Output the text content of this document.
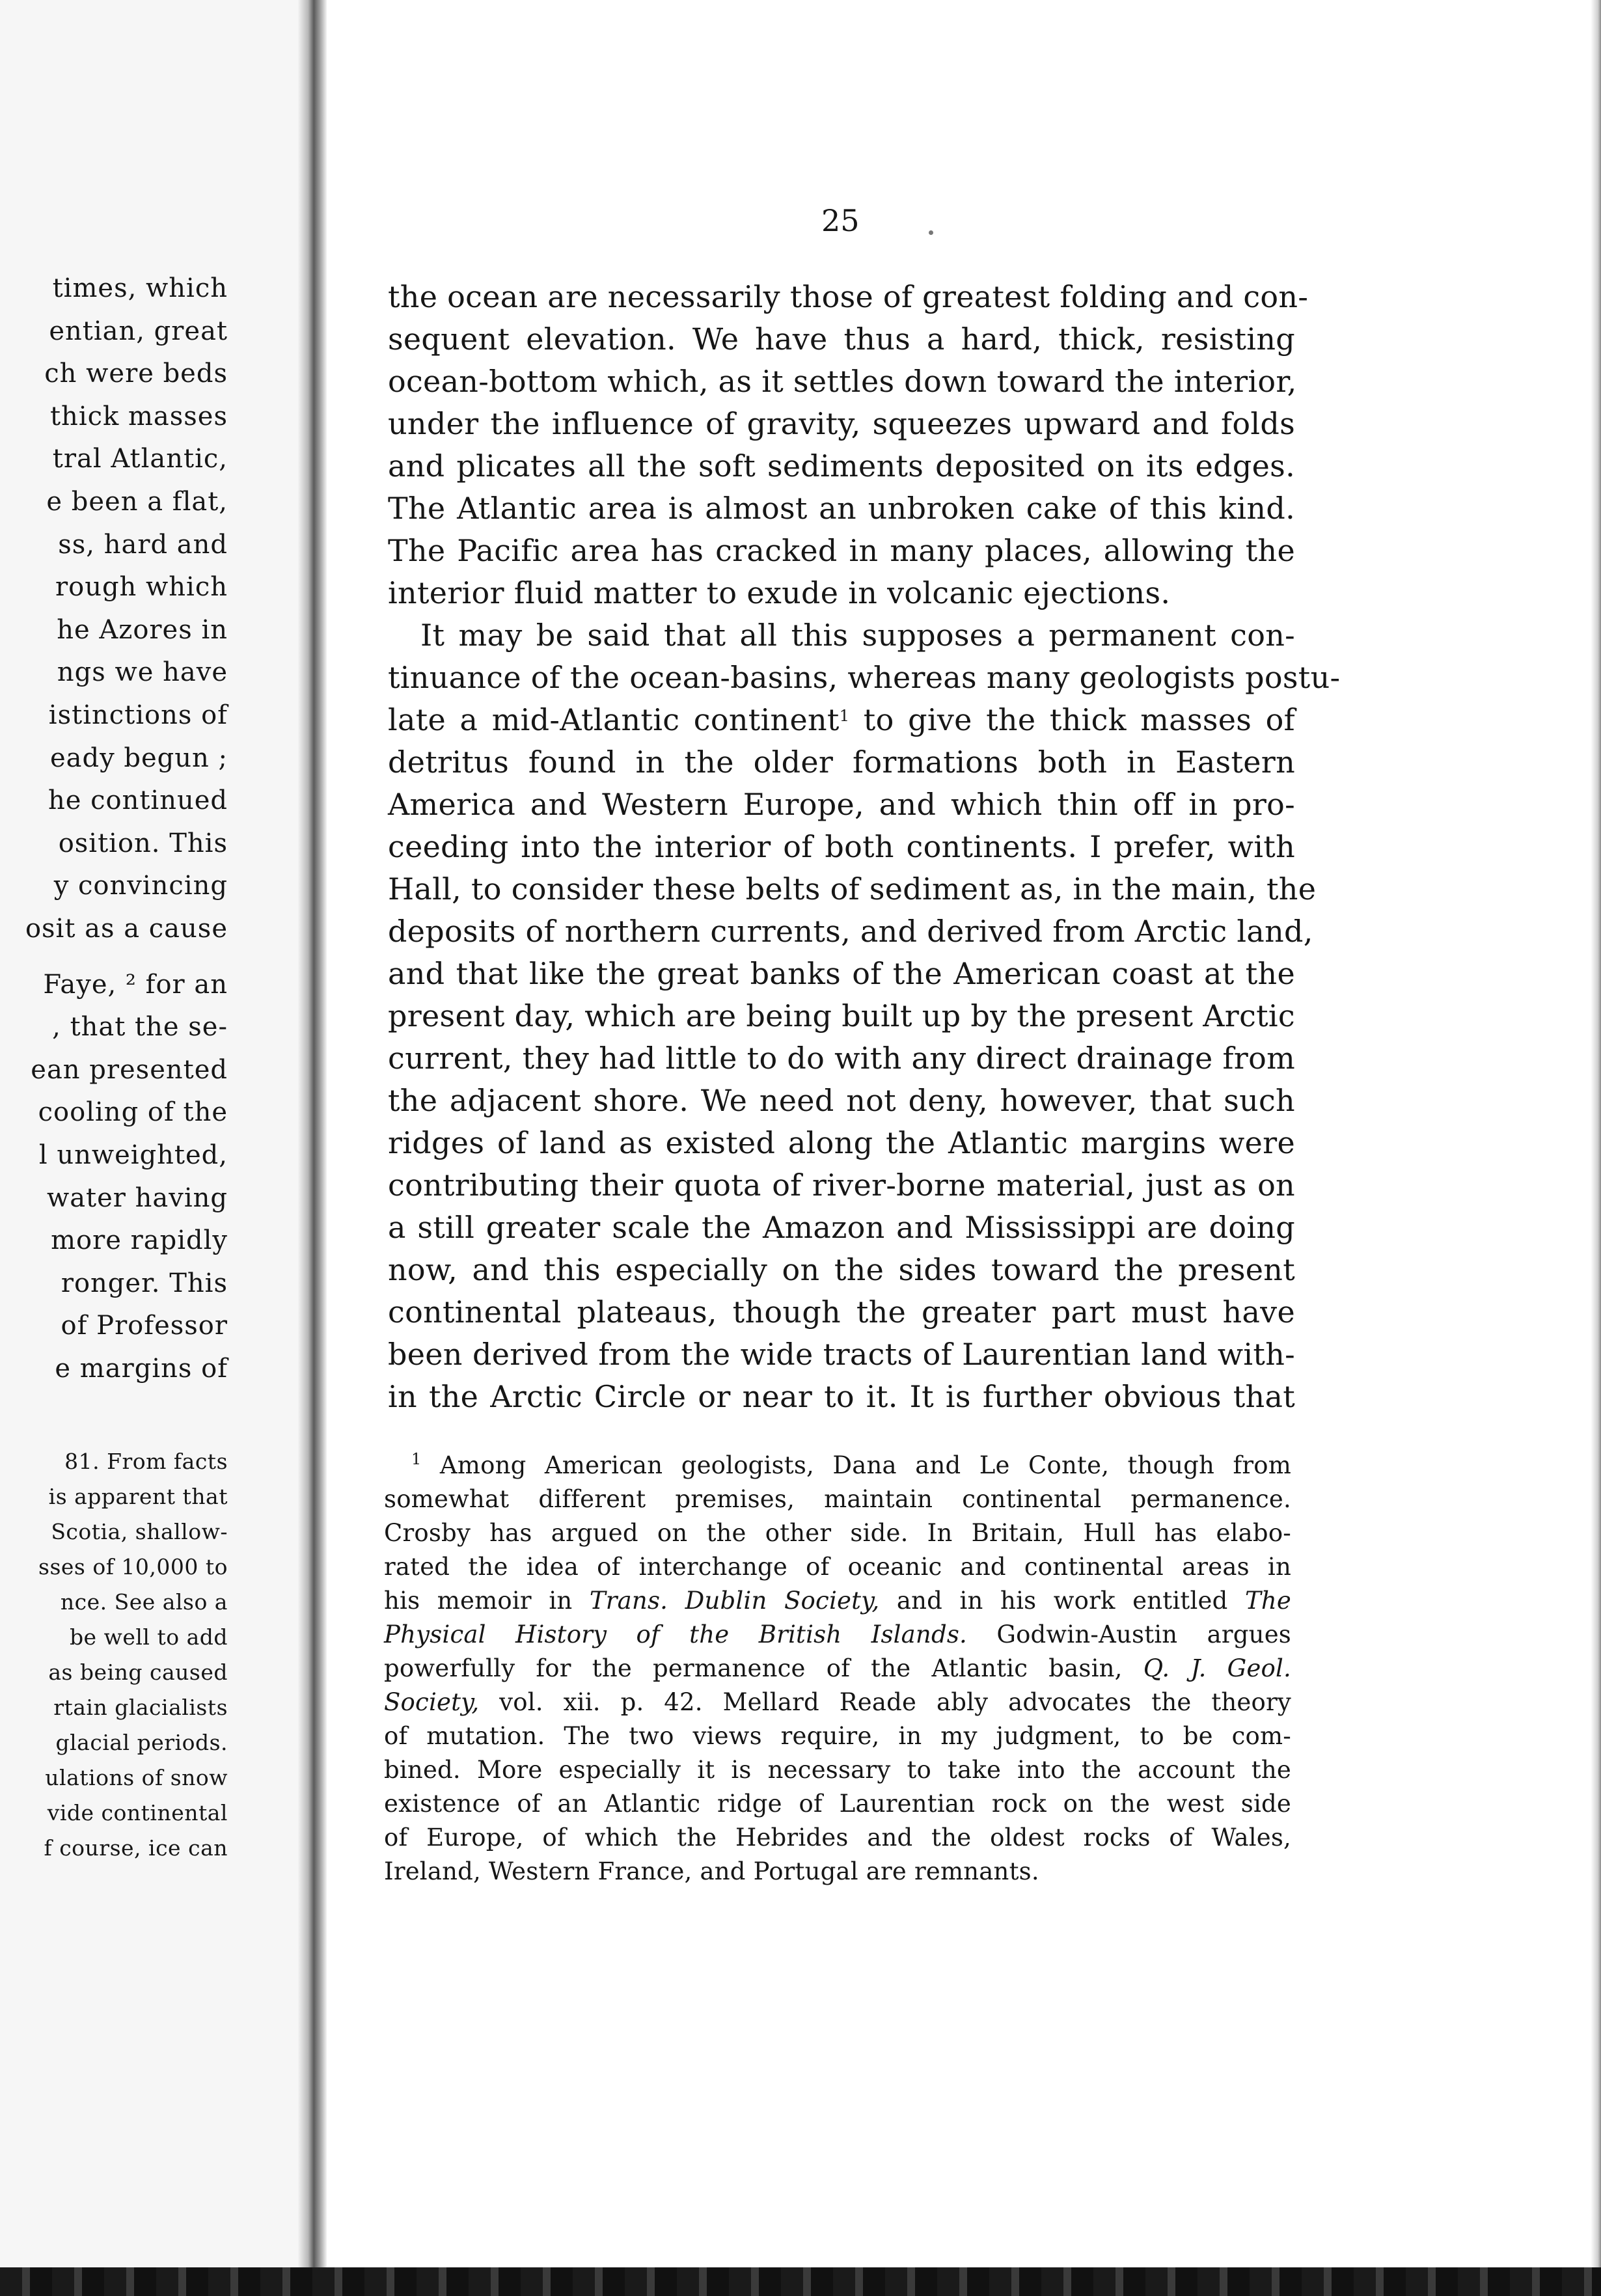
times, which
entian, great
ch were beds
thick masses
tral Atlantic,
e been a flat,
ss, hard and
rough which
he Azores in
ngs we have
istinctions of
eady begun ;
he continued
osition. This
y convincing
osit as a cause
Faye, ² for an
, that the se-
ean presented
cooling of the
l unweighted,
water having
more rapidly
ronger. This
of Professor
e margins of
81. From facts
is apparent that
Scotia, shallow-
sses of 10,000 to
nce. See also a
be well to add
as being caused
rtain glacialists
glacial periods.
ulations of snow
vide continental
f course, ice can
25
the ocean are necessarily those of greatest folding and con-
sequent elevation. We have thus a hard, thick, resisting
ocean-bottom which, as it settles down toward the interior,
under the influence of gravity, squeezes upward and folds
and plicates all the soft sediments deposited on its edges.
The Atlantic area is almost an unbroken cake of this kind.
The Pacific area has cracked in many places, allowing the
interior fluid matter to exude in volcanic ejections.
It may be said that all this supposes a permanent con-
tinuance of the ocean-basins, whereas many geologists postu-
late a mid-Atlantic continent$^1$ to give the thick masses of
detritus found in the older formations both in Eastern
America and Western Europe, and which thin off in pro-
ceeding into the interior of both continents. I prefer, with
Hall, to consider these belts of sediment as, in the main, the
deposits of northern currents, and derived from Arctic land,
and that like the great banks of the American coast at the
present day, which are being built up by the present Arctic
current, they had little to do with any direct drainage from
the adjacent shore. We need not deny, however, that such
ridges of land as existed along the Atlantic margins were
contributing their quota of river-borne material, just as on
a still greater scale the Amazon and Mississippi are doing
now, and this especially on the sides toward the present
continental plateaus, though the greater part must have
been derived from the wide tracts of Laurentian land with-
in the Arctic Circle or near to it. It is further obvious that
$^1$ Among American geologists, Dana and Le Conte, though from
somewhat different premises, maintain continental permanence.
Crosby has argued on the other side. In Britain, Hull has elabo-
rated the idea of interchange of oceanic and continental areas in
his memoir in Trans. Dublin Society, and in his work entitled The
Physical History of the British Islands. Godwin-Austin argues
powerfully for the permanence of the Atlantic basin, Q. J. Geol.
Society, vol. xii. p. 42. Mellard Reade ably advocates the theory
of mutation. The two views require, in my judgment, to be com-
bined. More especially it is necessary to take into the account the
existence of an Atlantic ridge of Laurentian rock on the west side
of Europe, of which the Hebrides and the oldest rocks of Wales,
Ireland, Western France, and Portugal are remnants.
